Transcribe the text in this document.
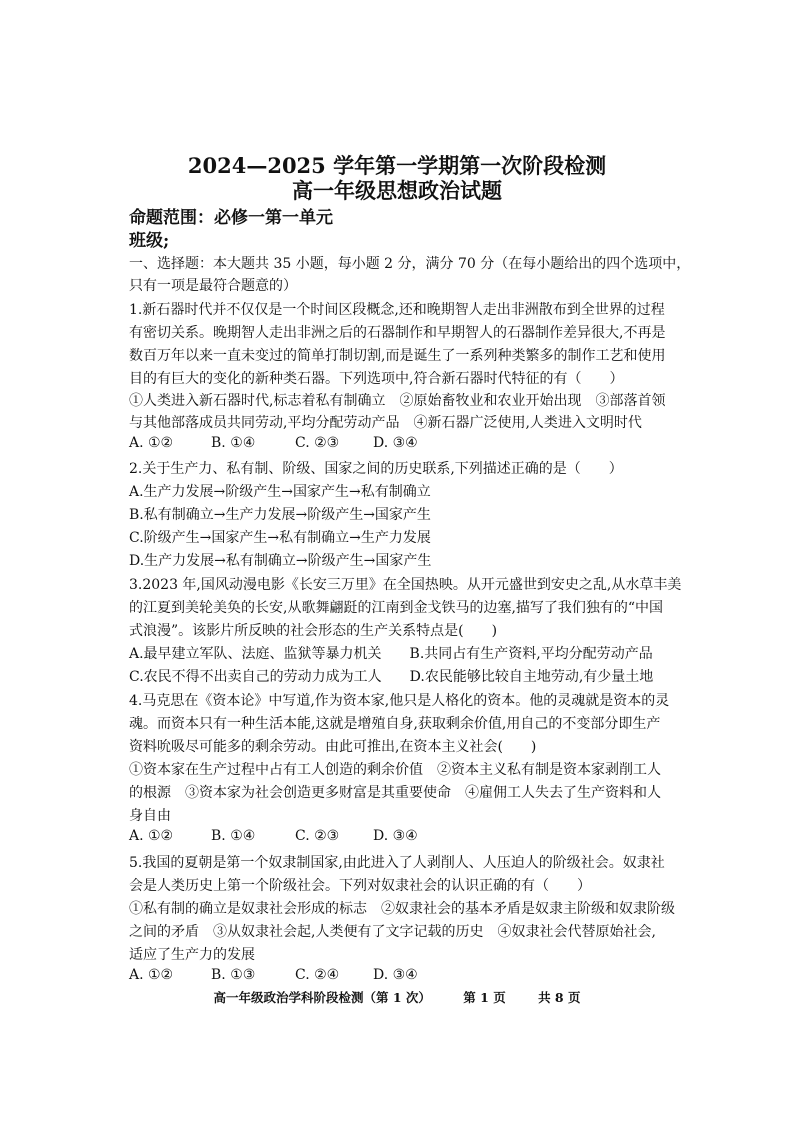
2024—2025 学年第一学期第一次阶段检测
高一年级思想政治试题
命题范围：必修一第一单元
班级;
一、选择题：本大题共 35 小题，每小题 2 分，满分 70 分（在每小题给出的四个选项中，
只有一项是最符合题意的）
1.新石器时代并不仅仅是一个时间区段概念,还和晚期智人走出非洲散布到全世界的过程
有密切关系。晚期智人走出非洲之后的石器制作和早期智人的石器制作差异很大,不再是
数百万年以来一直未变过的简单打制切割,而是诞生了一系列种类繁多的制作工艺和使用
目的有巨大的变化的新种类石器。下列选项中,符合新石器时代特征的有（　　）
①人类进入新石器时代,标志着私有制确立　②原始畜牧业和农业开始出现　③部落首领
与其他部落成员共同劳动,平均分配劳动产品　④新石器广泛使用,人类进入文明时代
A. ①②	B. ①④	C. ②③ D. ③④
2.关于生产力、私有制、阶级、国家之间的历史联系,下列描述正确的是（　　）
A.生产力发展→阶级产生→国家产生→私有制确立
B.私有制确立→生产力发展→阶级产生→国家产生
C.阶级产生→国家产生→私有制确立→生产力发展
D.生产力发展→私有制确立→阶级产生→国家产生
3.2023 年,国风动漫电影《长安三万里》在全国热映。从开元盛世到安史之乱,从水草丰美
的江夏到美轮美奂的长安,从歌舞翩跹的江南到金戈铁马的边塞,描写了我们独有的“中国
式浪漫”。该影片所反映的社会形态的生产关系特点是(　　)
A.最早建立军队、法庭、监狱等暴力机关　　B.共同占有生产资料,平均分配劳动产品
C.农民不得不出卖自己的劳动力成为工人　　D.农民能够比较自主地劳动,有少量土地
4.马克思在《资本论》中写道,作为资本家,他只是人格化的资本。他的灵魂就是资本的灵
魂。而资本只有一种生活本能,这就是增殖自身,获取剩余价值,用自己的不变部分即生产
资料吮吸尽可能多的剩余劳动。由此可推出,在资本主义社会(　　)
①资本家在生产过程中占有工人创造的剩余价值　②资本主义私有制是资本家剥削工人
的根源　③资本家为社会创造更多财富是其重要使命　④雇佣工人失去了生产资料和人
身自由
A. ①②	B. ①④	C. ②③ D. ③④
5.我国的夏朝是第一个奴隶制国家,由此进入了人剥削人、人压迫人的阶级社会。奴隶社
会是人类历史上第一个阶级社会。下列对奴隶社会的认识正确的有（　　）
①私有制的确立是奴隶社会形成的标志　②奴隶社会的基本矛盾是奴隶主阶级和奴隶阶级
之间的矛盾　③从奴隶社会起,人类便有了文字记载的历史　④奴隶社会代替原始社会,
适应了生产力的发展
A. ①②	B. ①③	C. ②④ D. ③④
高一年级政治学科阶段检测（第 1 次）	第 1 页	共 8 页
